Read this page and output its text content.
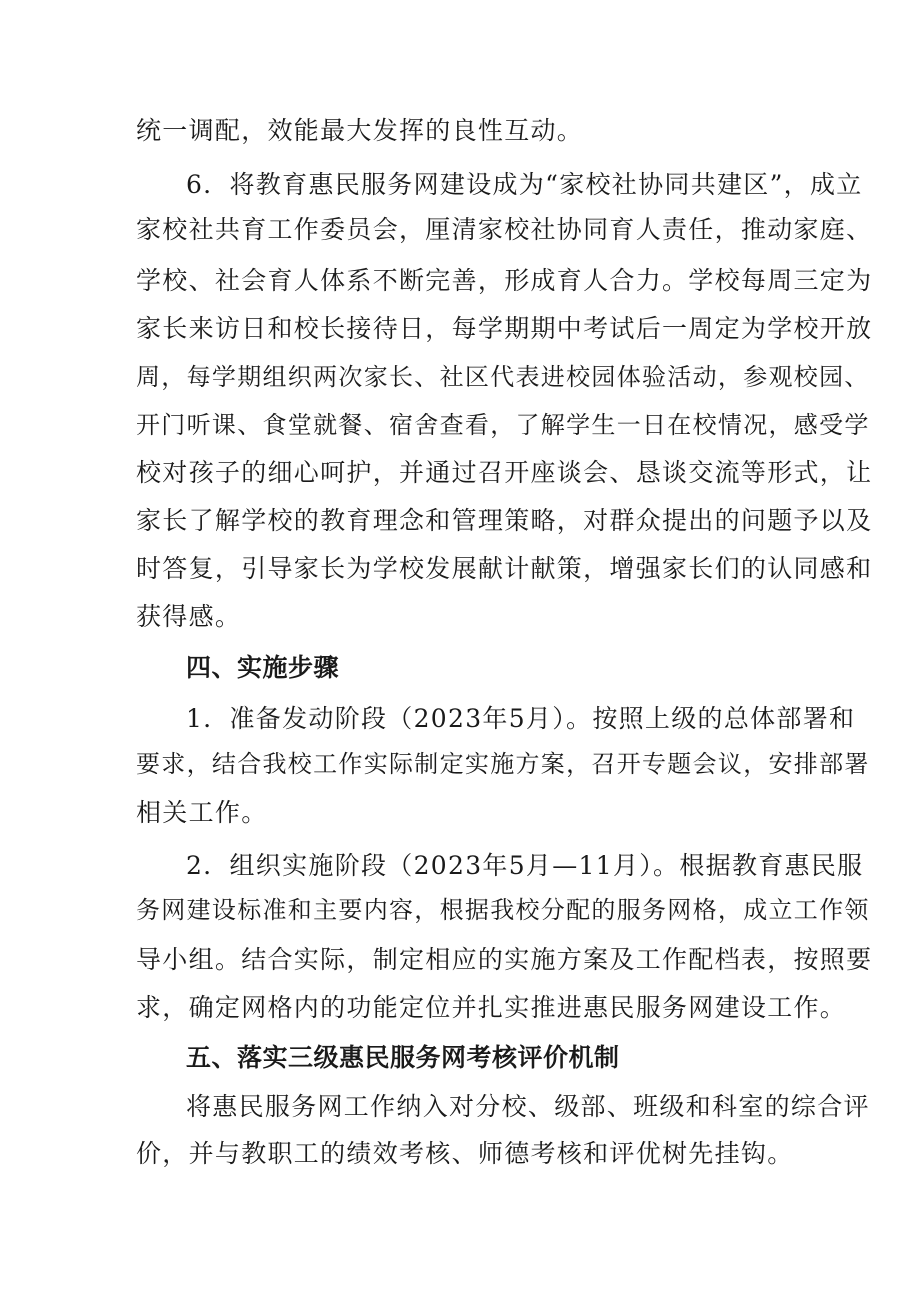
统一调配，效能最大发挥的良性互动。
6．将教育惠民服务网建设成为“家校社协同共建区”，成立
家校社共育工作委员会，厘清家校社协同育人责任，推动家庭、
学校、社会育人体系不断完善，形成育人合力。学校每周三定为
家长来访日和校长接待日，每学期期中考试后一周定为学校开放
周，每学期组织两次家长、社区代表进校园体验活动，参观校园、
开门听课、食堂就餐、宿舍查看，了解学生一日在校情况，感受学
校对孩子的细心呵护，并通过召开座谈会、恳谈交流等形式，让
家长了解学校的教育理念和管理策略，对群众提出的问题予以及
时答复，引导家长为学校发展献计献策，增强家长们的认同感和
获得感。
四、实施步骤
1．准备发动阶段（2023年5月）。按照上级的总体部署和
要求，结合我校工作实际制定实施方案，召开专题会议，安排部署
相关工作。
2．组织实施阶段（2023年5月—11月）。根据教育惠民服
务网建设标准和主要内容，根据我校分配的服务网格，成立工作领
导小组。结合实际，制定相应的实施方案及工作配档表，按照要
求，确定网格内的功能定位并扎实推进惠民服务网建设工作。
五、落实三级惠民服务网考核评价机制
将惠民服务网工作纳入对分校、级部、班级和科室的综合评
价，并与教职工的绩效考核、师德考核和评优树先挂钩。
